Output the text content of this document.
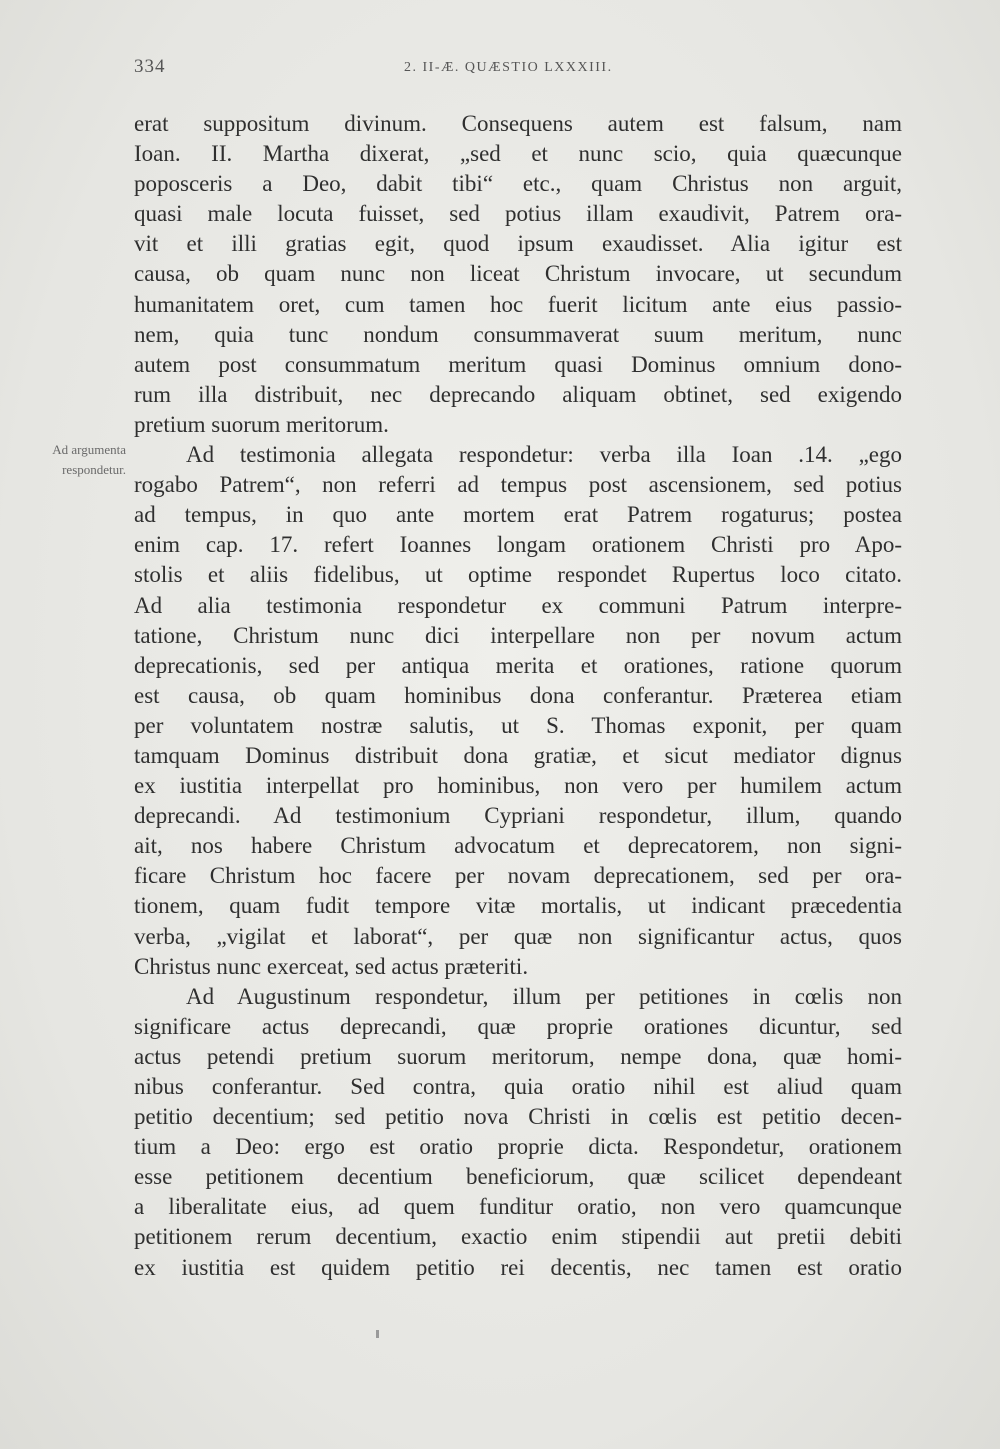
334	2. II-Æ. QUÆSTIO LXXXIII.
Ad argumenta
respondetur.
erat suppositum divinum. Consequens autem est falsum, nam
Ioan. II. Martha dixerat, „sed et nunc scio, quia quæcunque
poposceris a Deo, dabit tibi“ etc., quam Christus non arguit,
quasi male locuta fuisset, sed potius illam exaudivit, Patrem ora-
vit et illi gratias egit, quod ipsum exaudisset. Alia igitur est
causa, ob quam nunc non liceat Christum invocare, ut secundum
humanitatem oret, cum tamen hoc fuerit licitum ante eius passio-
nem, quia tunc nondum consummaverat suum meritum, nunc
autem post consummatum meritum quasi Dominus omnium dono-
rum illa distribuit, nec deprecando aliquam obtinet, sed exigendo
pretium suorum meritorum.
Ad testimonia allegata respondetur: verba illa Ioan .14. „ego
rogabo Patrem“, non referri ad tempus post ascensionem, sed potius
ad tempus, in quo ante mortem erat Patrem rogaturus; postea
enim cap. 17. refert Ioannes longam orationem Christi pro Apo-
stolis et aliis fidelibus, ut optime respondet Rupertus loco citato.
Ad alia testimonia respondetur ex communi Patrum interpre-
tatione, Christum nunc dici interpellare non per novum actum
deprecationis, sed per antiqua merita et orationes, ratione quorum
est causa, ob quam hominibus dona conferantur. Præterea etiam
per voluntatem nostræ salutis, ut S. Thomas exponit, per quam
tamquam Dominus distribuit dona gratiæ, et sicut mediator dignus
ex iustitia interpellat pro hominibus, non vero per humilem actum
deprecandi. Ad testimonium Cypriani respondetur, illum, quando
ait, nos habere Christum advocatum et deprecatorem, non signi-
ficare Christum hoc facere per novam deprecationem, sed per ora-
tionem, quam fudit tempore vitæ mortalis, ut indicant præcedentia
verba, „vigilat et laborat“, per quæ non significantur actus, quos
Christus nunc exerceat, sed actus præteriti.
Ad Augustinum respondetur, illum per petitiones in cœlis non
significare actus deprecandi, quæ proprie orationes dicuntur, sed
actus petendi pretium suorum meritorum, nempe dona, quæ homi-
nibus conferantur. Sed contra, quia oratio nihil est aliud quam
petitio decentium; sed petitio nova Christi in cœlis est petitio decen-
tium a Deo: ergo est oratio proprie dicta. Respondetur, orationem
esse petitionem decentium beneficiorum, quæ scilicet dependeant
a liberalitate eius, ad quem funditur oratio, non vero quamcunque
petitionem rerum decentium, exactio enim stipendii aut pretii debiti
ex iustitia est quidem petitio rei decentis, nec tamen est oratio
